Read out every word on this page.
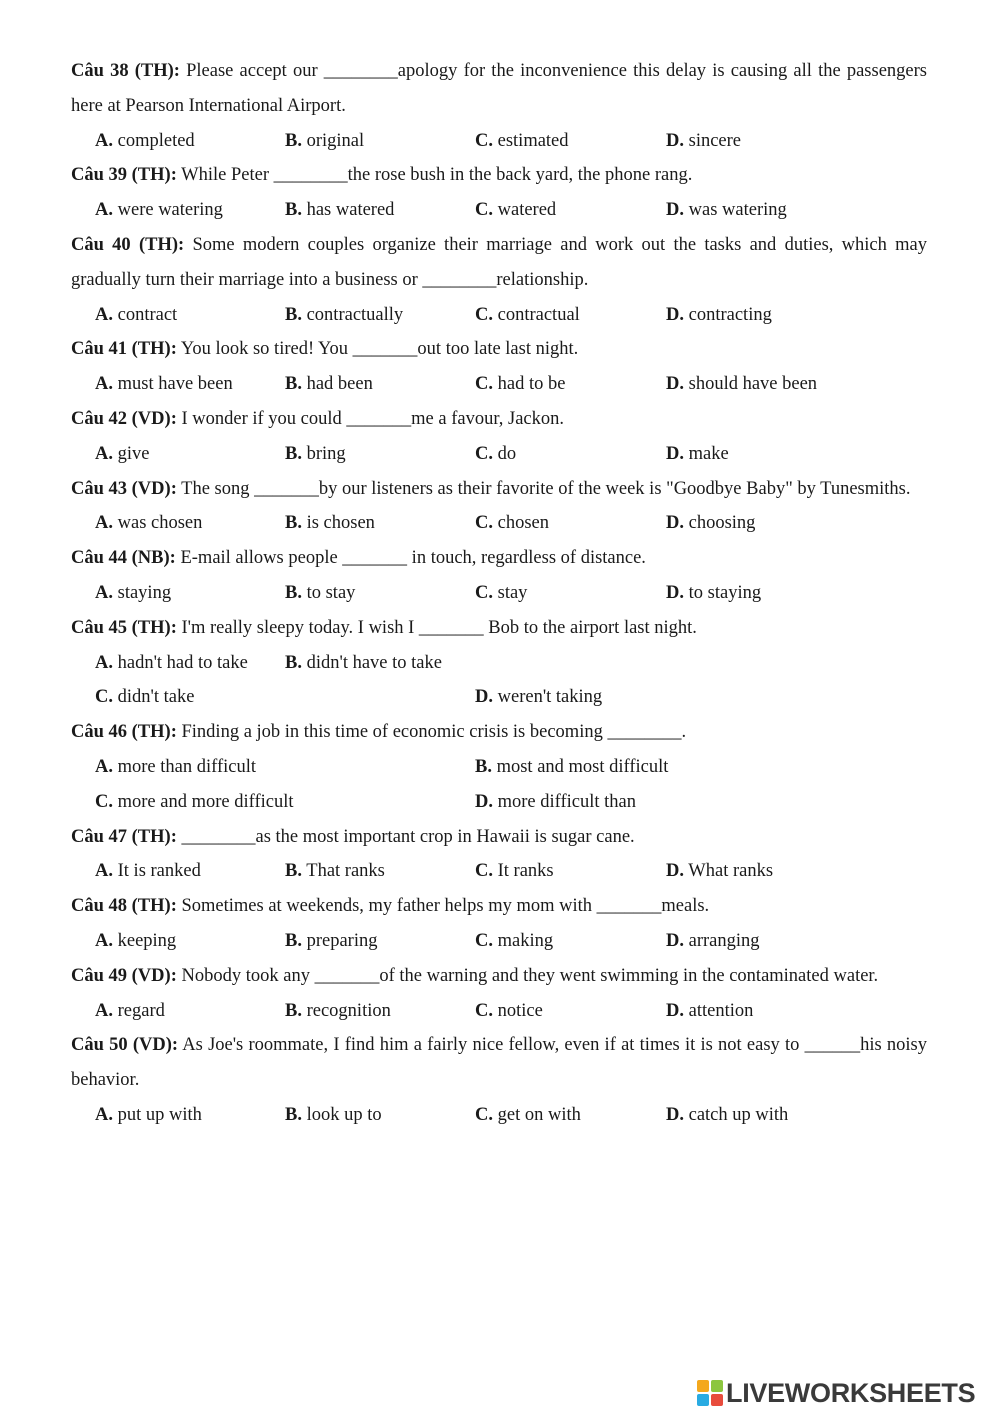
Câu 38 (TH): Please accept our ________apology for the inconvenience this delay is causing all the passengers here at Pearson International Airport.
A. completed	B. original	C. estimated	D. sincere
Câu 39 (TH): While Peter ________the rose bush in the back yard, the phone rang.
A. were watering	B. has watered	C. watered	D. was watering
Câu 40 (TH): Some modern couples organize their marriage and work out the tasks and duties, which may gradually turn their marriage into a business or ________relationship.
A. contract	B. contractually	C. contractual	D. contracting
Câu 41 (TH): You look so tired! You _______out too late last night.
A. must have been	B. had been	C. had to be	D. should have been
Câu 42 (VD): I wonder if you could _______me a favour, Jackon.
A. give	B. bring	C. do	D. make
Câu 43 (VD): The song _______by our listeners as their favorite of the week is "Goodbye Baby" by Tunesmiths.
A. was chosen	B. is chosen	C. chosen	D. choosing
Câu 44 (NB): E-mail allows people _______ in touch, regardless of distance.
A. staying	B. to stay	C. stay	D. to staying
Câu 45 (TH): I'm really sleepy today. I wish I _______ Bob to the airport last night.
A. hadn't had to take B. didn't have to take
C. didn't take	D. weren't taking
Câu 46 (TH): Finding a job in this time of economic crisis is becoming ________.
A. more than difficult	B. most and most difficult
C. more and more difficult	D. more difficult than
Câu 47 (TH): ________as the most important crop in Hawaii is sugar cane.
A. It is ranked	B. That ranks	C. It ranks	D. What ranks
Câu 48 (TH): Sometimes at weekends, my father helps my mom with _______meals.
A. keeping	B. preparing	C. making	D. arranging
Câu 49 (VD): Nobody took any _______of the warning and they went swimming in the contaminated water.
A. regard	B. recognition	C. notice	D. attention
Câu 50 (VD): As Joe's roommate, I find him a fairly nice fellow, even if at times it is not easy to ______his noisy behavior.
A. put up with	B. look up to	C. get on with	D. catch up with
LIVEWORKSHEETS
